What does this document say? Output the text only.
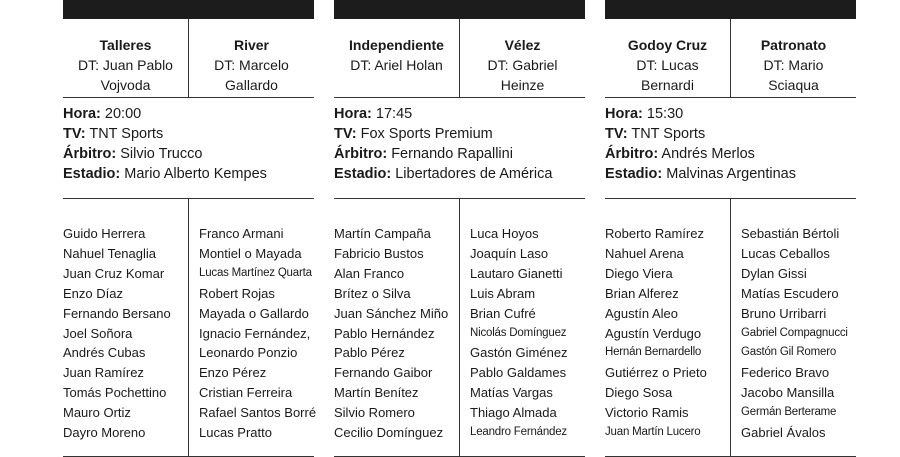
Talleres
DT: Juan Pablo Vojvoda
River
DT: Marcelo Gallardo
Hora: 20:00
TV: TNT Sports
Árbitro: Silvio Trucco
Estadio: Mario Alberto Kempes
Guido Herrera
Nahuel Tenaglia
Juan Cruz Komar
Enzo Díaz
Fernando Bersano
Joel Soñora
Andrés Cubas
Juan Ramírez
Tomás Pochettino
Mauro Ortiz
Dayro Moreno
Franco Armani
Montiel o Mayada
Lucas Martínez Quarta
Robert Rojas
Mayada o Gallardo
Ignacio Fernández,
Leonardo Ponzio
Enzo Pérez
Cristian Ferreira
Rafael Santos Borré
Lucas Pratto
Independiente
DT: Ariel Holan
Vélez
DT: Gabriel Heinze
Hora: 17:45
TV: Fox Sports Premium
Árbitro: Fernando Rapallini
Estadio: Libertadores de América
Martín Campaña
Fabricio Bustos
Alan Franco
Brítez o Silva
Juan Sánchez Miño
Pablo Hernández
Pablo Pérez
Fernando Gaibor
Martín Benítez
Silvio Romero
Cecilio Domínguez
Luca Hoyos
Joaquín Laso
Lautaro Gianetti
Luis Abram
Brian Cufré
Nicolás Domínguez
Gastón Giménez
Pablo Galdames
Matías Vargas
Thiago Almada
Leandro Fernández
Godoy Cruz
DT: Lucas Bernardi
Patronato
DT: Mario Sciaqua
Hora: 15:30
TV: TNT Sports
Árbitro: Andrés Merlos
Estadio: Malvinas Argentinas
Roberto Ramírez
Nahuel Arena
Diego Viera
Brian Alferez
Agustín Aleo
Agustín Verdugo
Hernán Bernardello
Gutiérrez o Prieto
Diego Sosa
Victorio Ramis
Juan Martín Lucero
Sebastián Bértoli
Lucas Ceballos
Dylan Gissi
Matías Escudero
Bruno Urribarri
Gabriel Compagnucci
Gastón Gil Romero
Federico Bravo
Jacobo Mansilla
Germán Berterame
Gabriel Ávalos
